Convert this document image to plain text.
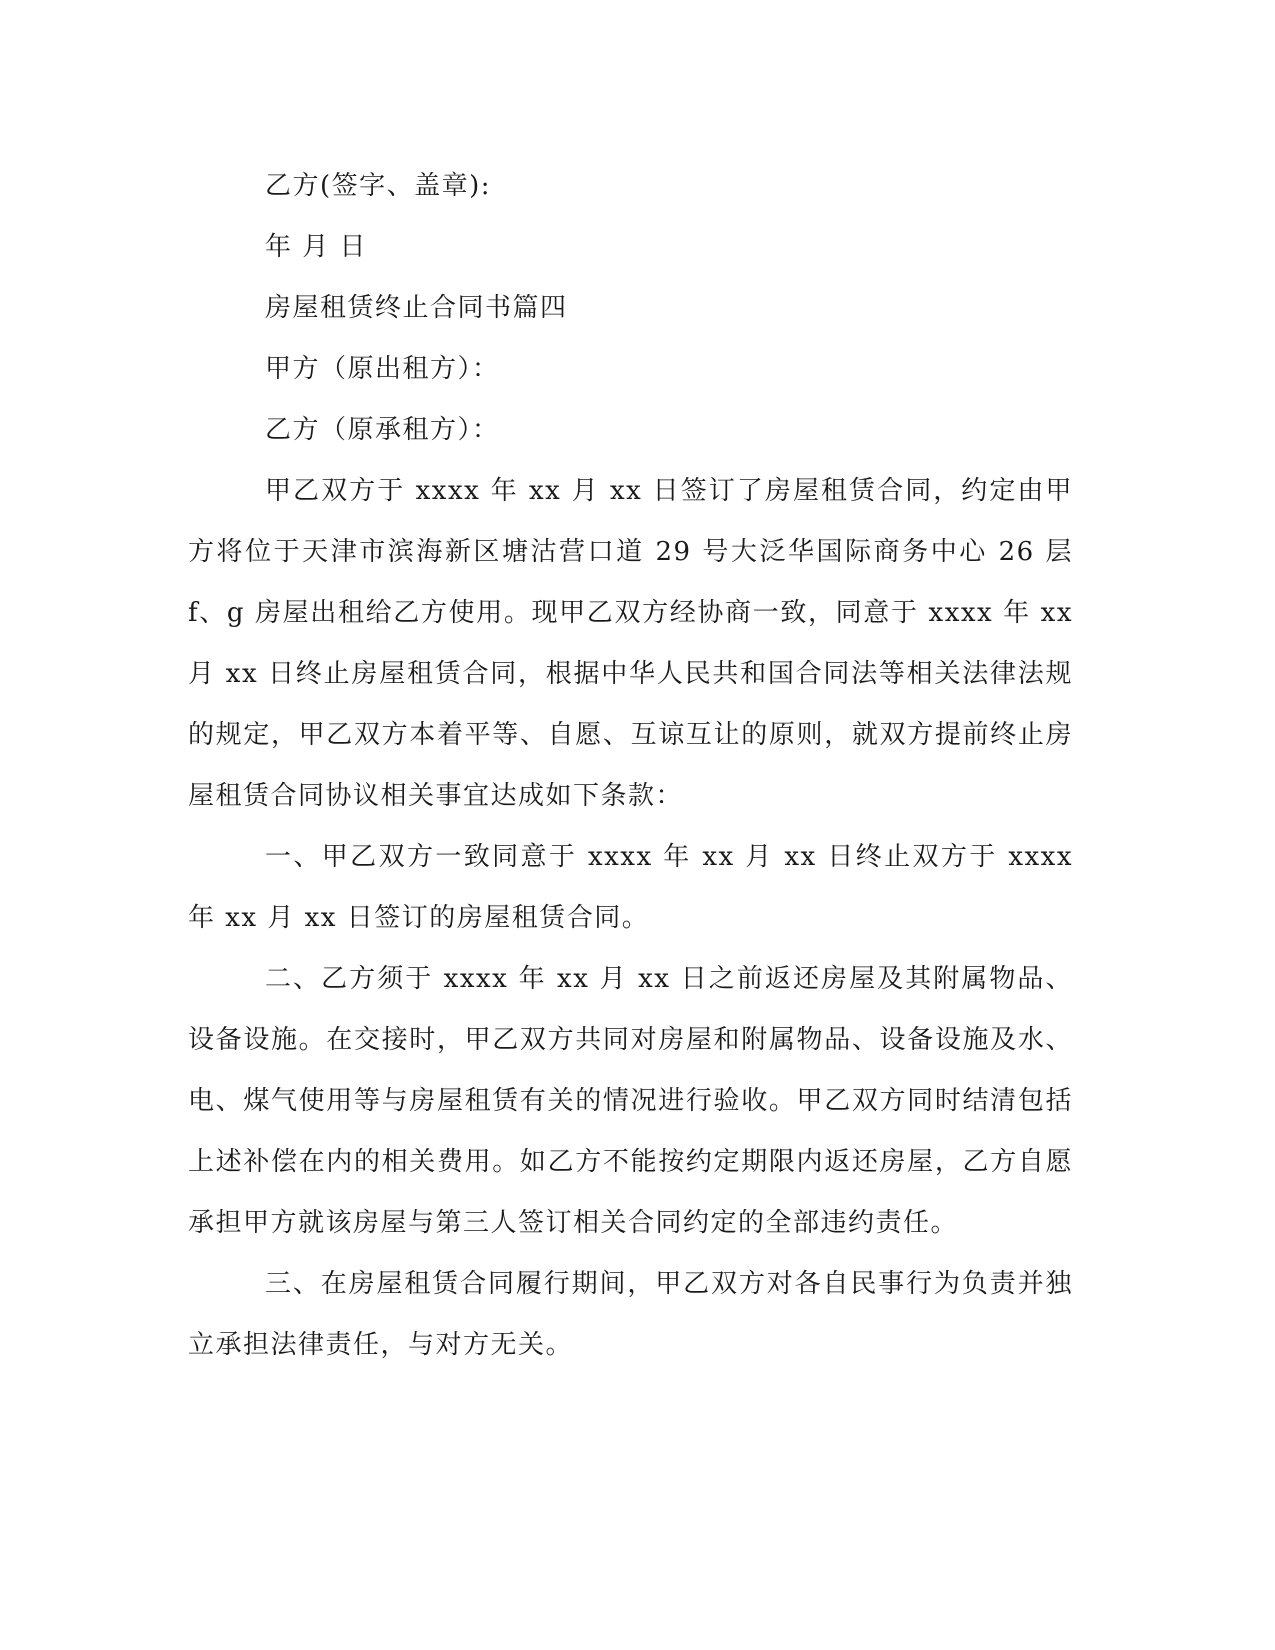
乙方(签字、盖章):

年 月 日

房屋租赁终止合同书篇四

甲方（原出租方）：

乙方（原承租方）：

甲乙双方于 xxxx 年 xx 月 xx 日签订了房屋租赁合同，约定由甲方将位于天津市滨海新区塘沽营口道 29 号大泛华国际商务中心 26 层 f、g 房屋出租给乙方使用。现甲乙双方经协商一致，同意于 xxxx 年 xx 月 xx 日终止房屋租赁合同，根据中华人民共和国合同法等相关法律法规的规定，甲乙双方本着平等、自愿、互谅互让的原则，就双方提前终止房屋租赁合同协议相关事宜达成如下条款：

一、甲乙双方一致同意于 xxxx 年 xx 月 xx 日终止双方于 xxxx 年 xx 月 xx 日签订的房屋租赁合同。

二、乙方须于 xxxx 年 xx 月 xx 日之前返还房屋及其附属物品、设备设施。在交接时，甲乙双方共同对房屋和附属物品、设备设施及水、电、煤气使用等与房屋租赁有关的情况进行验收。甲乙双方同时结清包括上述补偿在内的相关费用。如乙方不能按约定期限内返还房屋，乙方自愿承担甲方就该房屋与第三人签订相关合同约定的全部违约责任。

三、在房屋租赁合同履行期间，甲乙双方对各自民事行为负责并独立承担法律责任，与对方无关。
